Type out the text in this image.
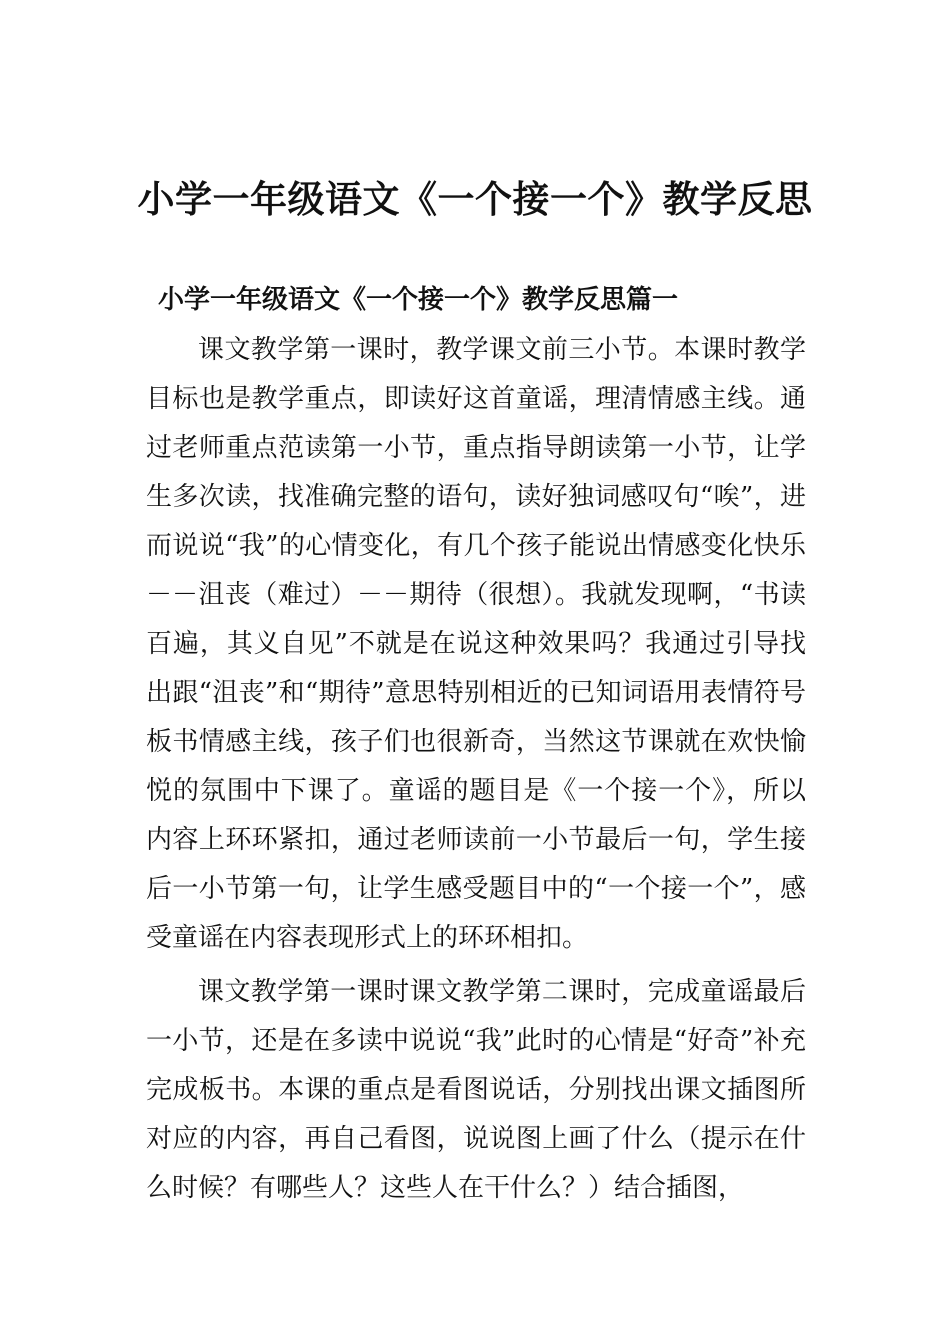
小学一年级语文《一个接一个》教学反思
小学一年级语文《一个接一个》教学反思篇一

课文教学第一课时，教学课文前三小节。本课时教学目标也是教学重点，即读好这首童谣，理清情感主线。通过老师重点范读第一小节，重点指导朗读第一小节，让学生多次读，找准确完整的语句，读好独词感叹句“唉”，进而说说“我”的心情变化，有几个孩子能说出情感变化快乐－－沮丧（难过）－－期待（很想）。我就发现啊，“书读百遍，其义自见”不就是在说这种效果吗？我通过引导找出跟“沮丧”和“期待”意思特别相近的已知词语用表情符号板书情感主线，孩子们也很新奇，当然这节课就在欢快愉悦的氛围中下课了。童谣的题目是《一个接一个》，所以内容上环环紧扣，通过老师读前一小节最后一句，学生接后一小节第一句，让学生感受题目中的“一个接一个”，感受童谣在内容表现形式上的环环相扣。

课文教学第一课时课文教学第二课时，完成童谣最后一小节，还是在多读中说说“我”此时的心情是“好奇”补充完成板书。本课的重点是看图说话，分别找出课文插图所对应的内容，再自己看图，说说图上画了什么（提示在什么时候？有哪些人？这些人在干什么？）结合插图，
